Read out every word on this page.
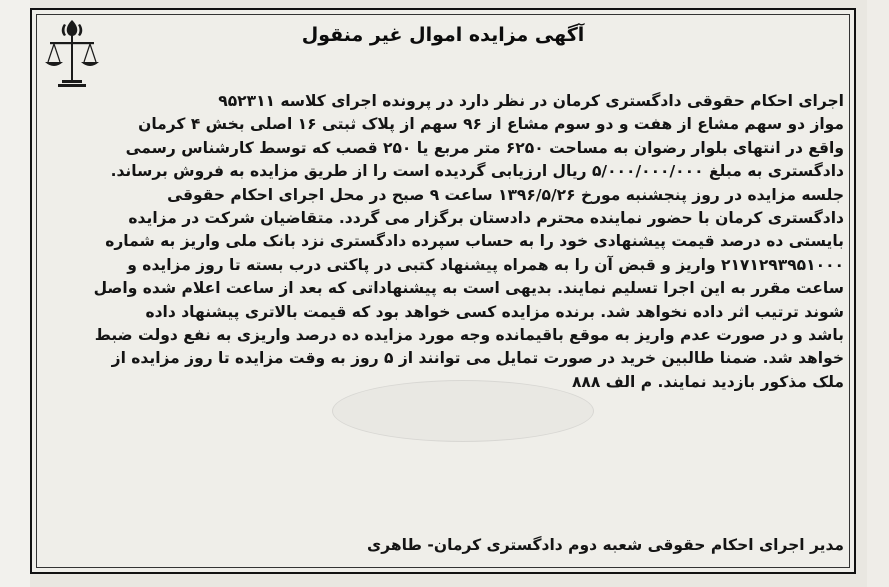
آگهی مزایده اموال غیر منقول
اجرای احکام حقوقی دادگستری کرمان در نظر دارد در پرونده اجرای کلاسه ۹۵۲۳۱۱
مواز دو سهم مشاع از هفت و دو سوم مشاع از ۹۶ سهم از پلاک ثبتی ۱۶ اصلی بخش ۴ کرمان
واقع در انتهای بلوار رضوان به مساحت ۶۲۵۰ متر مربع یا ۲۵۰ قصب که توسط کارشناس رسمی
دادگستری به مبلغ ۵/۰۰۰/۰۰۰/۰۰۰ ریال ارزیابی گردیده است را از طریق مزایده به فروش برساند.
جلسه مزایده در روز پنجشنبه مورخ ۱۳۹۶/۵/۲۶ ساعت ۹ صبح در محل اجرای احکام حقوقی
دادگستری کرمان با حضور نماینده محترم دادستان برگزار می گردد. متقاضیان شرکت در مزایده
بایستی ده درصد قیمت پیشنهادی خود را به حساب سپرده دادگستری نزد بانک ملی واریز به شماره
۲۱۷۱۲۹۳۹۵۱۰۰۰ واریز و قبض آن را به همراه پیشنهاد کتبی در پاکتی درب بسته تا روز مزایده و
ساعت مقرر به این اجرا تسلیم نمایند. بدیهی است به پیشنهاداتی که بعد از ساعت اعلام شده واصل
شوند ترتیب اثر داده نخواهد شد. برنده مزایده کسی خواهد بود که قیمت بالاتری پیشنهاد داده
باشد و در صورت عدم واریز به موقع باقیمانده وجه مورد مزایده ده درصد واریزی به نفع دولت ضبط
خواهد شد. ضمنا طالبین خرید در صورت تمایل می توانند از ۵ روز به وقت مزایده تا روز مزایده از
ملک مذکور بازدید نمایند. م الف ۸۸۸
مدیر اجرای احکام حقوقی شعبه دوم دادگستری کرمان- طاهری
